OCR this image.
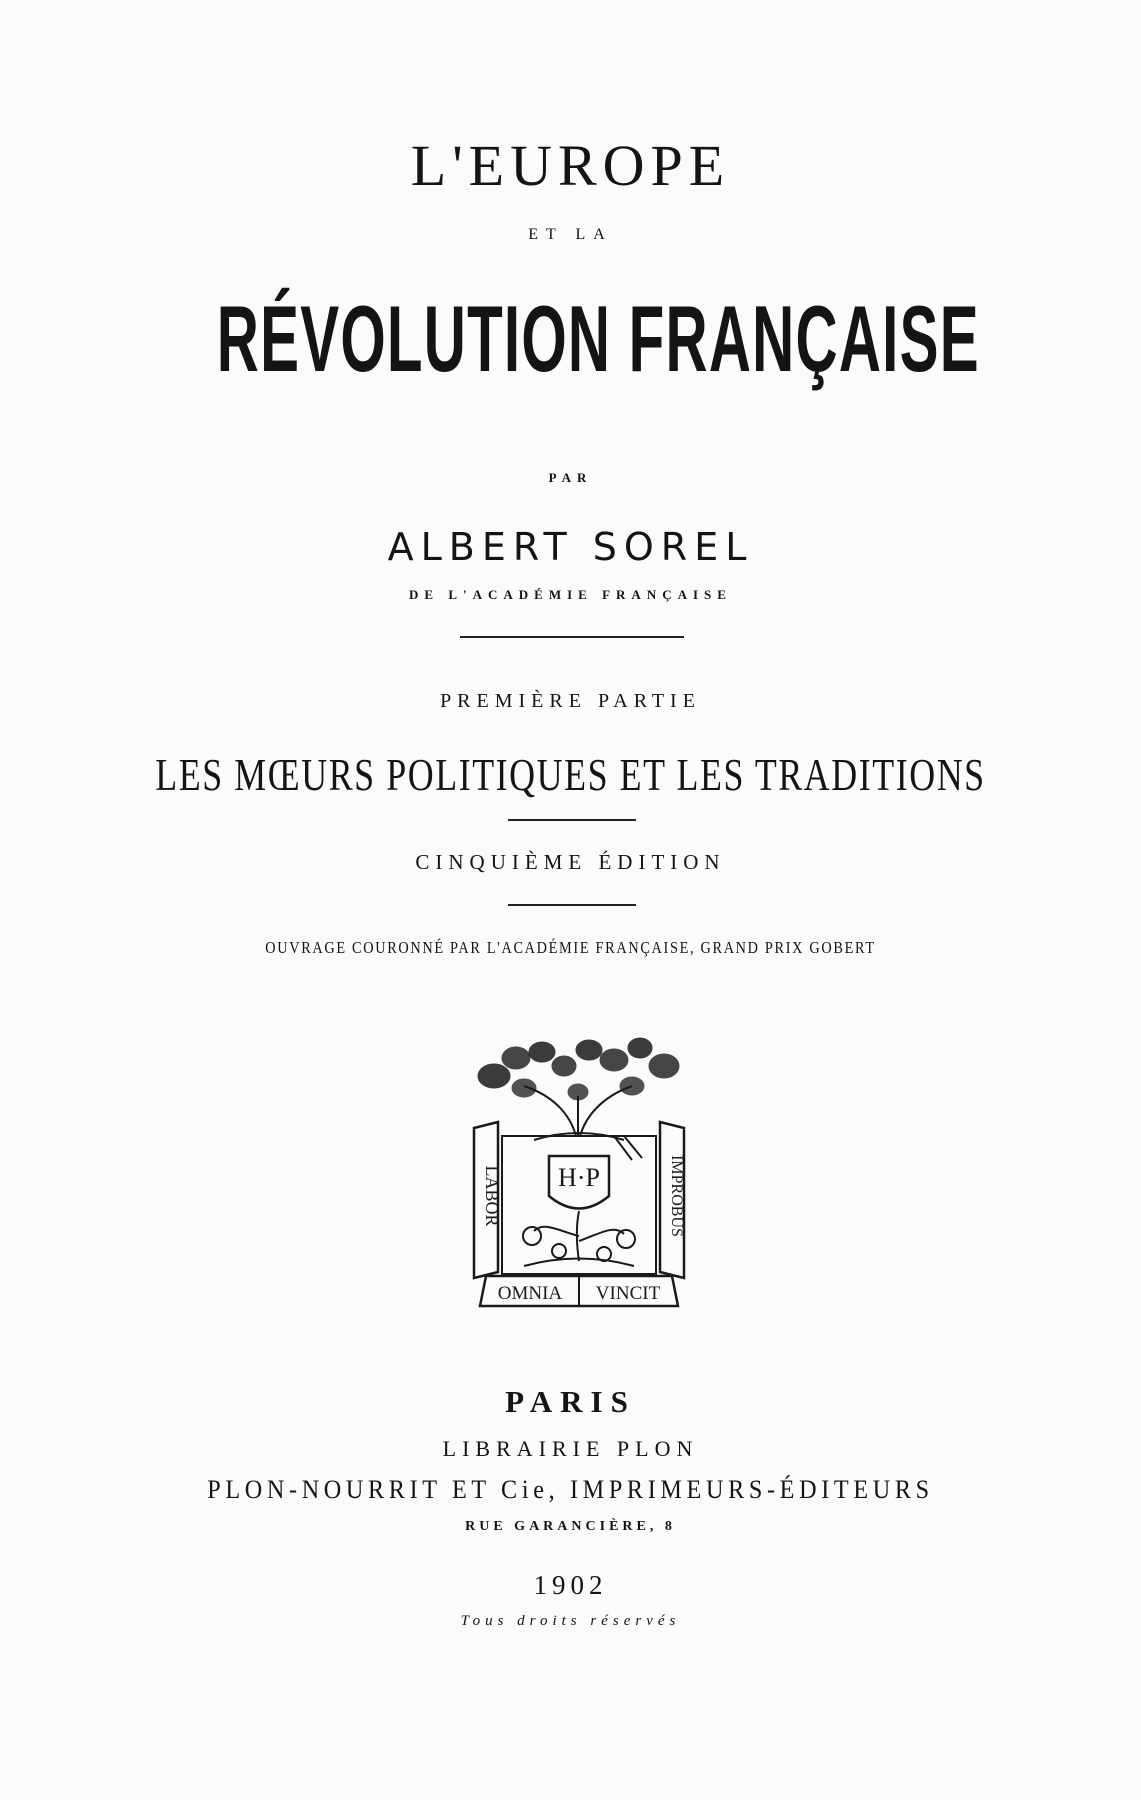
L'EUROPE
ET LA
RÉVOLUTION FRANÇAISE
PAR
ALBERT SOREL
DE L'ACADÉMIE FRANÇAISE
PREMIÈRE PARTIE
LES MŒURS POLITIQUES ET LES TRADITIONS
CINQUIÈME ÉDITION
OUVRAGE COURONNÉ PAR L'ACADÉMIE FRANÇAISE, GRAND PRIX GOBERT
LABOR	IMPROBUS
H·P
OMNIA VINCIT
PARIS
LIBRAIRIE PLON
PLON-NOURRIT ET Cie, IMPRIMEURS-ÉDITEURS
RUE GARANCIÈRE, 8
1902
Tous droits réservés
